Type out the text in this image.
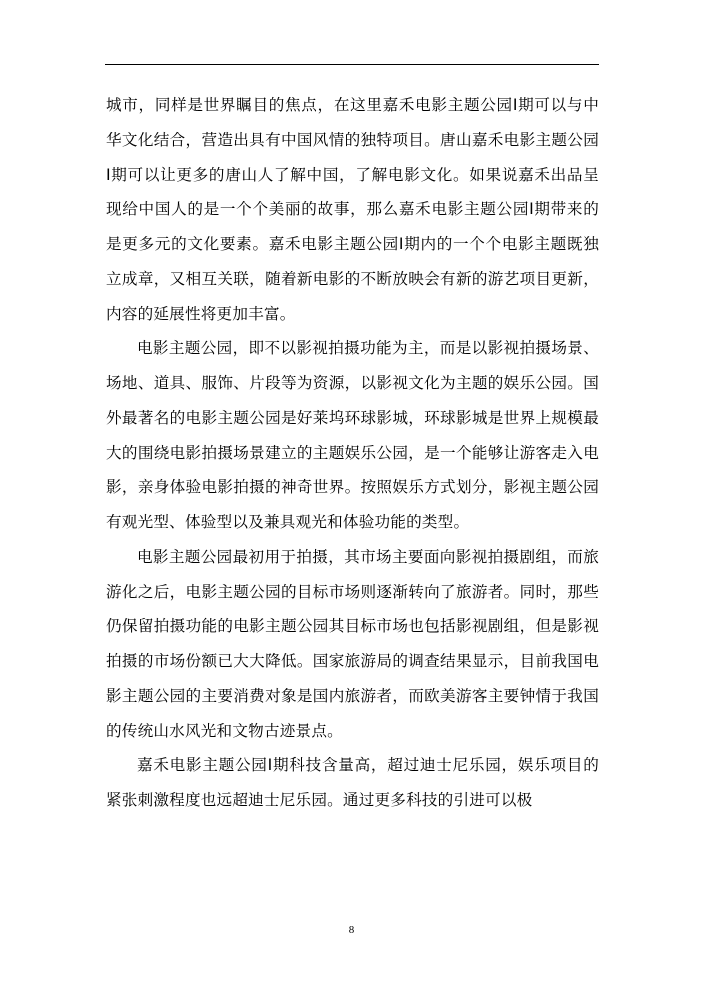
城市，同样是世界瞩目的焦点，在这里嘉禾电影主题公园Ⅰ期可以与中华文化结合，营造出具有中国风情的独特项目。唐山嘉禾电影主题公园Ⅰ期可以让更多的唐山人了解中国，了解电影文化。如果说嘉禾出品呈现给中国人的是一个个美丽的故事，那么嘉禾电影主题公园Ⅰ期带来的是更多元的文化要素。嘉禾电影主题公园Ⅰ期内的一个个电影主题既独立成章，又相互关联，随着新电影的不断放映会有新的游艺项目更新，内容的延展性将更加丰富。

电影主题公园，即不以影视拍摄功能为主，而是以影视拍摄场景、场地、道具、服饰、片段等为资源，以影视文化为主题的娱乐公园。国外最著名的电影主题公园是好莱坞环球影城，环球影城是世界上规模最大的围绕电影拍摄场景建立的主题娱乐公园，是一个能够让游客走入电影，亲身体验电影拍摄的神奇世界。按照娱乐方式划分，影视主题公园有观光型、体验型以及兼具观光和体验功能的类型。

电影主题公园最初用于拍摄，其市场主要面向影视拍摄剧组，而旅游化之后，电影主题公园的目标市场则逐渐转向了旅游者。同时，那些仍保留拍摄功能的电影主题公园其目标市场也包括影视剧组，但是影视拍摄的市场份额已大大降低。国家旅游局的调查结果显示，目前我国电影主题公园的主要消费对象是国内旅游者，而欧美游客主要钟情于我国的传统山水风光和文物古迹景点。

嘉禾电影主题公园Ⅰ期科技含量高，超过迪士尼乐园，娱乐项目的紧张刺激程度也远超迪士尼乐园。通过更多科技的引进可以极

8
